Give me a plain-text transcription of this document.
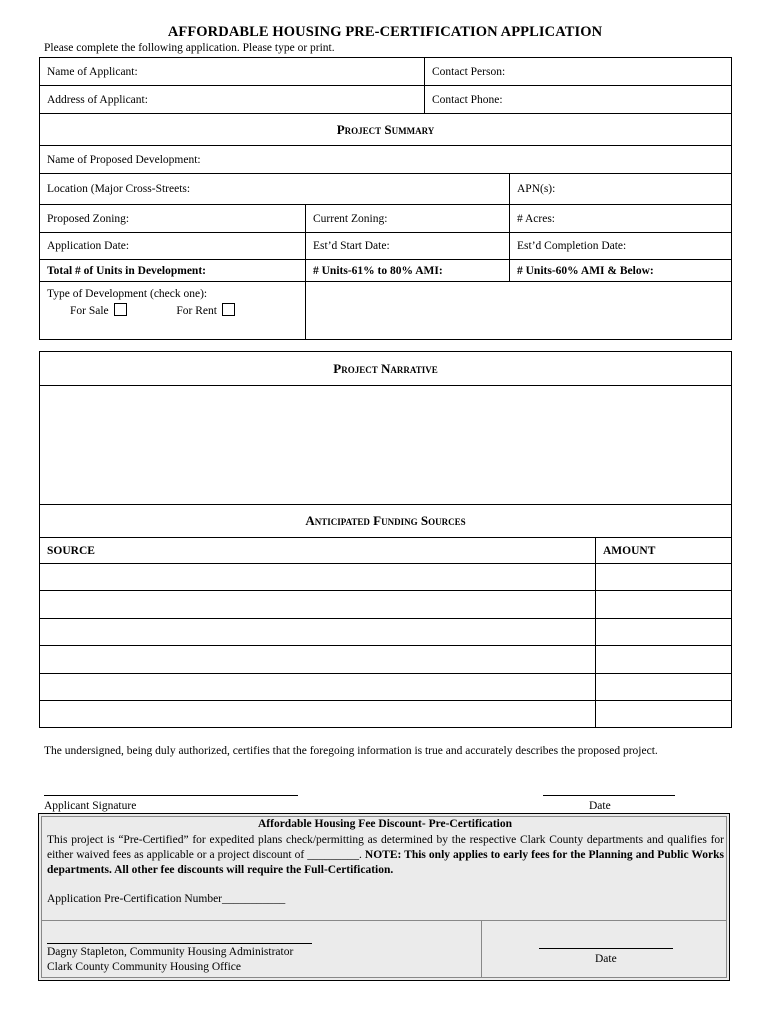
AFFORDABLE HOUSING PRE-CERTIFICATION APPLICATION
Please complete the following application. Please type or print.
Name of Applicant:	Contact Person:
Address of Applicant:	Contact Phone:
Project Summary		
Name of Proposed Development:		
Location (Major Cross-Streets:		APN(s):
Proposed Zoning:	Current Zoning:	# Acres:
Application Date:	Est’d Start Date:	Est’d Completion Date:
Total # of Units in Development:	# Units-61% to 80% AMI:	# Units-60% AMI & Below:

Type of Development (check one):
For Sale For Rent		

Project Narrative	

Anticipated Funding Sources	
SOURCE	AMOUNT

The undersigned, being duly authorized, certifies that the foregoing information is true and accurately describes the proposed project.
Applicant Signature	Date
Affordable Housing Fee Discount- Pre-Certification
This project is “Pre-Certified” for expedited plans check/permitting as determined by the respective Clark County departments and qualifies for either waived fees as applicable or a project discount of _________. NOTE: This only applies to early fees for the Planning and Public Works departments. All other fee discounts will require the Full-Certification.
Application Pre-Certification Number___________
Dagny Stapleton, Community Housing Administrator
Clark County Community Housing Office
Date
